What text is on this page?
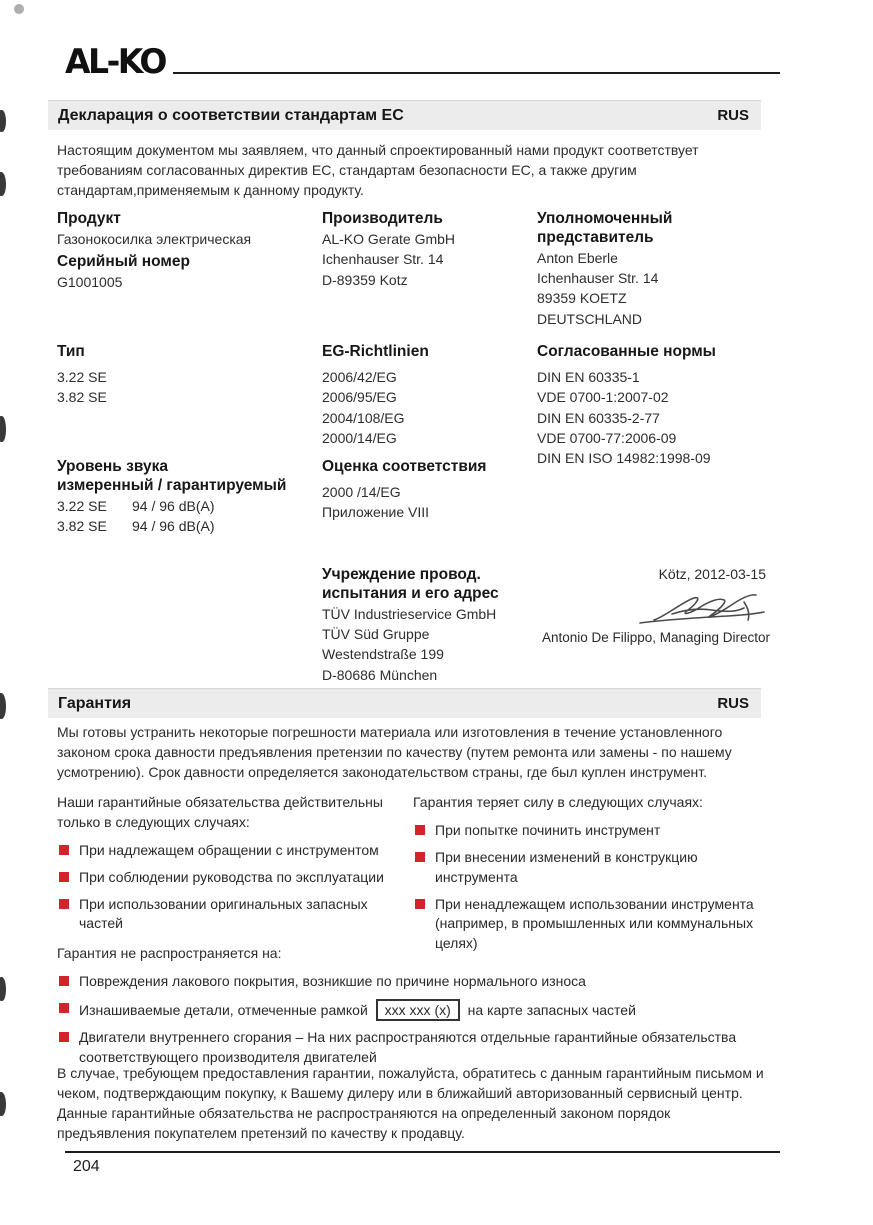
AL-KO
Декларация о соответствии стандартам EC	RUS

Настоящим документом мы заявляем, что данный спроектированный нами продукт соответствует требованиям согласованных директив ЕС, стандартам безопасности ЕС, а также другим стандартам,применяемым к данному продукту.

Продукт
Газонокосилка электрическая
Серийный номер
G1001005
Производитель
AL-KO Gerate GmbH
Ichenhauser Str. 14
D-89359 Kotz
Уполномоченный
представитель
Anton Eberle
Ichenhauser Str. 14
89359 KOETZ
DEUTSCHLAND
Тип
3.22 SE
3.82 SE
EG-Richtlinien
2006/42/EG
2006/95/EG
2004/108/EG
2000/14/EG
Согласованные нормы
DIN EN 60335-1
VDE 0700-1:2007-02
DIN EN 60335-2-77
VDE 0700-77:2006-09
DIN EN ISO 14982:1998-09
Уровень звука
измеренный / гарантируемый
3.22 SE	94 / 96 dB(A)
3.82 SE	94 / 96 dB(A)
Оценка соответствия
2000 /14/EG
Приложение VIII
Учреждение провод.
испытания и его адрес
TÜV Industrieservice GmbH
TÜV Süd Gruppe
Westendstraße 199
D-80686 München
Kötz, 2012-03-15
Antonio De Filippo, Managing Director
Гарантия	RUS

Мы готовы устранить некоторые погрешности материала или изготовления в течение установленного законом срока давности предъявления претензии по качеству (путем ремонта или замены - по нашему усмотрению). Срок давности определяется законодательством страны, где был куплен инструмент.

Наши гарантийные обязательства действительны только в следующих случаях:
При надлежащем обращении с инструментом
При соблюдении руководства по эксплуатации
При использовании оригинальных запасных частей
Гарантия теряет силу в следующих случаях:
При попытке починить инструмент
При внесении изменений в конструкцию инструмента
При ненадлежащем использовании инструмента (например, в промышленных или коммунальных целях)

Гарантия не распространяется на:

Повреждения лакового покрытия, возникшие по причине нормального износа
Изнашиваемые детали, отмеченные рамкой xxx xxx (x) на карте запасных частей
Двигатели внутреннего сгорания – На них распространяются отдельные гарантийные обязательства соответствующего производителя двигателей

В случае, требующем предоставления гарантии, пожалуйста, обратитесь с данным гарантийным письмом и чеком, подтверждающим покупку, к Вашему дилеру или в ближайший авторизованный сервисный центр. Данные гарантийные обязательства не распространяются на определенный законом порядок предъявления покупателем претензий по качеству к продавцу.

204
